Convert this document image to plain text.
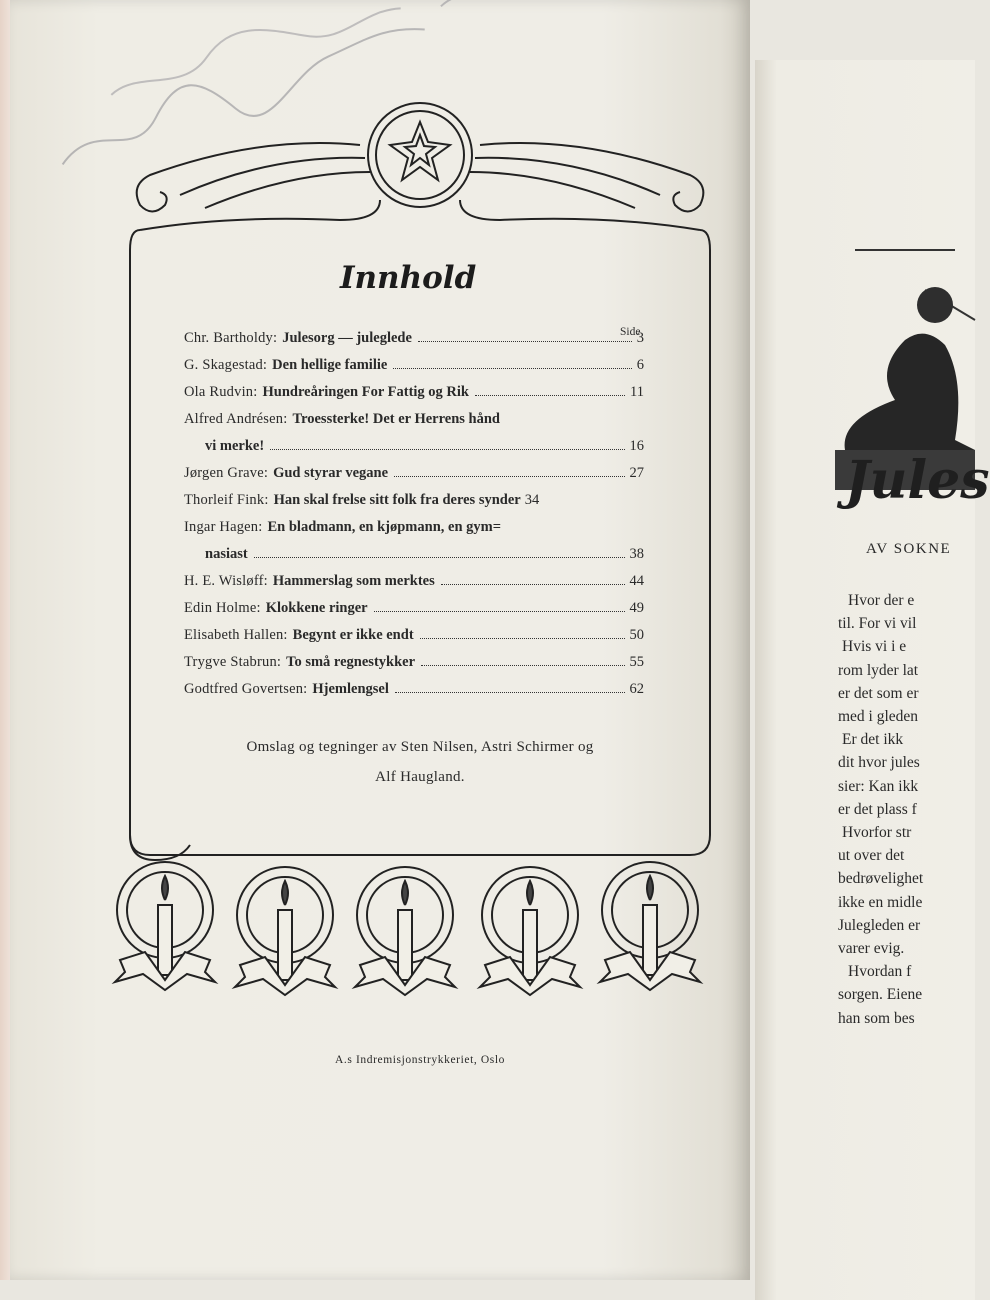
Innhold
Side
Chr. Bartholdy: Julesorg — juleglede	3
G. Skagestad: Den hellige familie	6
Ola Rudvin: Hundreåringen For Fattig og Rik	11
Alfred Andrésen: Troessterke! Det er Herrens hånd
vi merke!	16
Jørgen Grave: Gud styrar vegane	27
Thorleif Fink: Han skal frelse sitt folk fra deres synder 34
Ingar Hagen: En bladmann, en kjøpmann, en gym=
nasiast	38
H. E. Wisløff: Hammerslag som merktes	44
Edin Holme: Klokkene ringer	49
Elisabeth Hallen: Begynt er ikke endt	50
Trygve Stabrun: To små regnestykker	55
Godtfred Govertsen: Hjemlengsel	62
Omslag og tegninger av Sten Nilsen, Astri Schirmer og
Alf Haugland.
A.s Indremisjonstrykkeriet, Oslo
Jules
AV SOKNE
Hvor der e
til. For vi vil
Hvis vi i e
rom lyder lat
er det som er
med i gleden
Er det ikk
dit hvor jules
sier: Kan ikk
er det plass f
Hvorfor str
ut over det
bedrøvelighet
ikke en midle
Julegleden er
varer evig.
Hvordan f
sorgen. Eiene
han som bes
